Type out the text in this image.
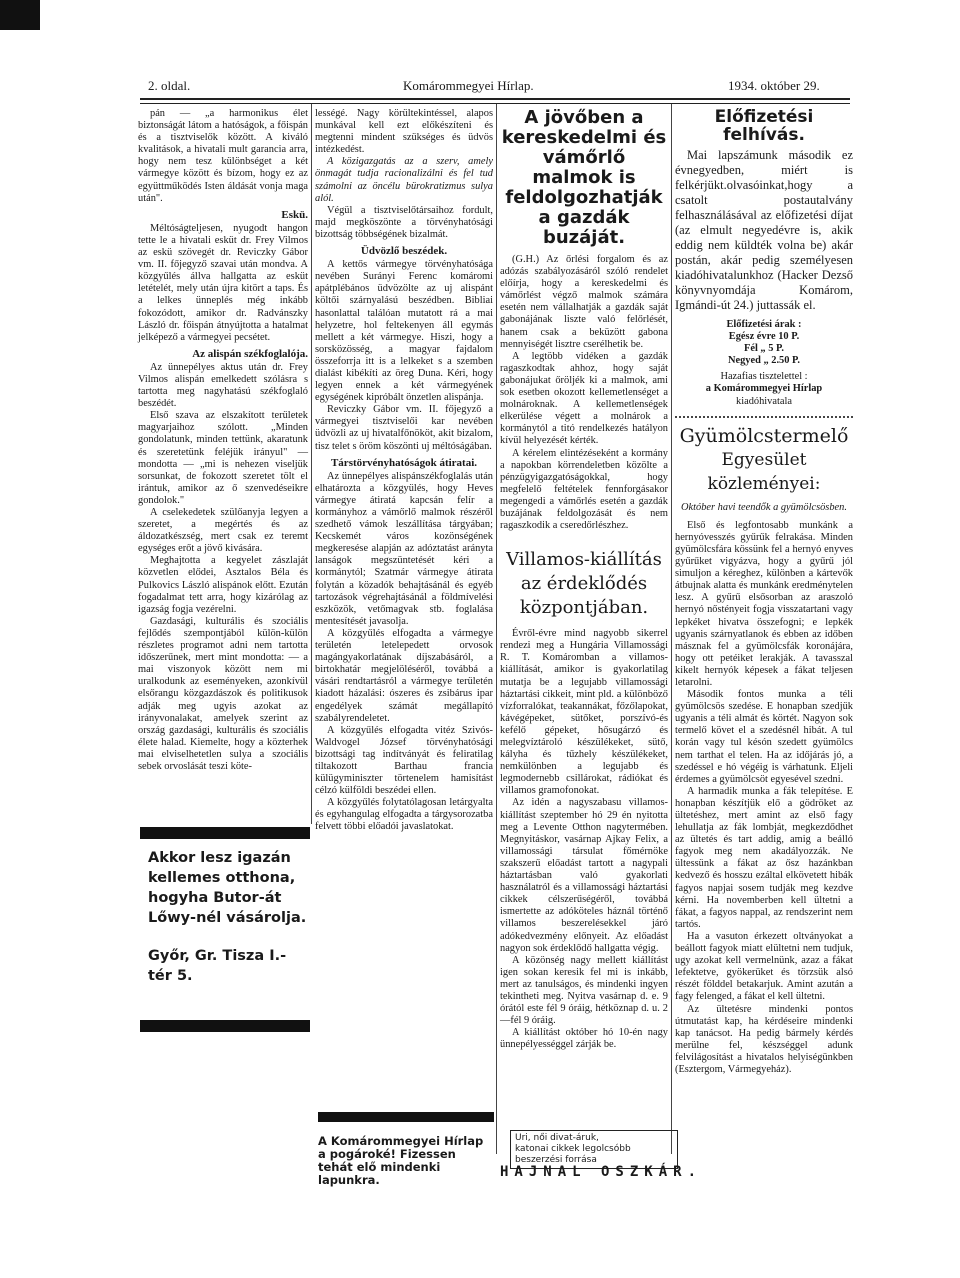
2. oldal.	Komárommegyei Hírlap.	1934. október 29.

pán — „a harmonikus élet biztonságát látom a hatóságok, a főispán és a tisztviselők között. A kiváló kvalitások, a hivatali mult garancia arra, hogy nem tesz különbséget a két vármegye között és bízom, hogy ez az együttműködés Isten áldását vonja maga után".

Eskü.

Méltóságteljesen, nyugodt hangon tette le a hivatali esküt dr. Frey Vilmos az eskü szövegét dr. Reviczky Gábor vm. II. főjegyző szavai után mondva. A közgyűlés állva hallgatta az esküt letételét, mely után újra kitört a taps. És a lelkes ünneplés még inkább fokozódott, amikor dr. Radvánszky László dr. főispán átnyújtotta a hatalmat jelképező a vármegyei pecsétet.

Az alispán székfoglalója.

Az ünnepélyes aktus után dr. Frey Vilmos alispán emelkedett szólásra s tartotta meg nagyhatású székfoglaló beszédét.

Első szava az elszakított területek magyarjaihoz szólott. „Minden gondolatunk, minden tettünk, akaratunk és szeretetünk feléjük irányul" — mondotta — „mi is nehezen viseljük sorsunkat, de fokozott szeretet tölt el irántuk, amikor az ő szenvedéseikre gondolok."

A cselekedetek szülőanyja legyen a szeretet, a megértés és az áldozatkészség, mert csak ez teremt egységes erőt a jövő kivására.

Meghajtotta a kegyelet zászlaját közvetlen elődei, Asztalos Béla és Pulkovics László alispánok előtt. Ezután fogadalmat tett arra, hogy kizárólag az igazság fogja vezérelni.

Gazdasági, kulturális és szociális fejlődés szempontjából külön-külön részletes programot adni nem tartotta időszerűnek, mert mint mondotta: — a mai viszonyok között nem mi uralkodunk az eseményeken, azonkívül elsőrangu közgazdászok és politikusok adják meg ugyis azokat az irányvonalakat, amelyek szerint az ország gazdasági, kulturális és szociális élete halad. Kiemelte, hogy a közterhek mai elviselhetetlen sulya a szociális sebek orvoslását teszi köte-

Akkor lesz igazán
kellemes otthona,
hogyha Butor-át
Lőwy-nél vásárolja.
Győr, Gr. Tisza I.-tér 5.

lességé. Nagy körültekintéssel, alapos munkával kell ezt előkészíteni és megtenni mindent szükséges és üdvös intézkedést.

A közigazgatás az a szerv, amely önmagát tudja racionalizálni és fel tud számolni az öncélu bürokratizmus sulya alól.

Végül a tisztviselőtársaihoz fordult, majd megköszönte a törvényhatósági bizottság többségének bizalmát.

Üdvözlő beszédek.

A kettős vármegye törvényhatósága nevében Surányi Ferenc komáromi apátplébános üdvözölte az uj alispánt költői szárnyalású beszédben. Bibliai hasonlattal találóan mutatott rá a mai helyzetre, hol feltekenyen áll egymás mellett a két vármegye. Hiszi, hogy a sorsközösség, a magyar fajdalom összeforrja itt is a lelkeket s a szemben dialást kibékíti az öreg Duna. Kéri, hogy legyen ennek a két vármegyének egységének kipróbált önzetlen alispánja.

Reviczky Gábor vm. II. főjegyző a vármegyei tisztviselői kar nevében üdvözli az uj hivatalfőnököt, akit bizalom, tisz telet s öröm köszönti uj méltóságában.

Társtörvényhatóságok átiratai.

Az ünnepélyes alispánszékfoglalás után elhatározta a közgyülés, hogy Heves vármegye átiratá kapcsán felír a kormányhoz a vámőrlő malmok részéről szedhető vámok leszállítása tárgyában; Kecskemét város kozönségének megkeresése alapján az adóztatást arányta lanságok megszüntetését kéri a kormánytól; Szatmár vármegye átirata folytán a közadók behajtásánál és egyéb tartozások végrehajtásánál a földmívelési eszközök, vetőmagvak stb. foglalása mentesítését javasolja.

A közgyűlés elfogadta a vármegye területén letelepedett orvosok magángyakorlatának díjszabásáról, a birtokhatár megjelöléséről, továbbá a vásári rendtartásról a vármegye területén kiadott házalási: ószeres és zsibárus ipar engedélyek számát megállapító szabályrendeletet.

A közgyűlés elfogadta vitéz Szivós-Waldvogel József törvényhatósági bizottsági tag indítványát és feliratilag tiltakozott Barthau francia külügyminiszter törtenelem hamisítást célzó külföldi beszédei ellen.

A közgyűlés folytatólagosan letárgyalta és egyhangulag elfogadta a tárgysorozatba felvett többi előadói javaslatokat.

A Komárommegyei Hírlap a pogároké! Fizessen tehát elő mindenki lapunkra.
A jövőben a kereskedelmi és vámőrlő malmok is feldolgozhatják a gazdák buzáját.

(G.H.) Az őrlési forgalom és az adózás szabályozásáról szóló rendelet előírja, hogy a kereskedelmi és vámőrlést végző malmok számára esetén nem vállalhatják a gazdák saját gabonájának liszte való felőrlését, hanem csak a beküzött gabona mennyiségét lisztre cserélhetik be.

A legtöbb vidéken a gazdák ragaszkodtak ahhoz, hogy saját gabonájukat őröljék ki a malmok, ami sok esetben okozott kellemetlenséget a molnároknak. A kellemetlenségek elkerülése végett a molnárok a kormánytól a titó rendelkezés hatályon kívül helyezését kérték.

A kérelem elintézéseként a kormány a napokban körrendeletben közölte a pénzügyigazgatóságokkal, hogy megfelelő feltételek fennforgásakor megengedi a vámőrlés esetén a gazdák buzájának feldolgozását és nem ragaszkodik a cseredőrlészhez.

Villamos-kiállítás az érdeklődés központjában.

Évről-évre mind nagyobb sikerrel rendezi meg a Hungária Villamossági R. T. Komáromban a villamos-kiállítását, amikor is gyakorlatilag mutatja be a legujabb villamossági háztartási cikkeit, mint pld. a különböző vízforralókat, teakannákat, főzőlapokat, kávégépeket, sütőket, porszívó-és kefélő gépeket, hősugárzó és melegvíztároló készülékeket, sütő, kályha és tűzhely készülékeket, nemkülönben a legujabb és legmodernebb csillárokat, rádiókat és villamos gramofonokat.

Az idén a nagyszabasu villamos-kiállítást szeptember hó 29 én nyitotta meg a Levente Otthon nagytermében. Megnyitáskor, vasárnap Ajkay Felix, a villamossági társulat főmérnöke szakszerű előadást tartott a nagypali háztartásban való gyakorlati használatról és a villamossági háztartási cikkek célszerűségéről, továbbá ismertette az adóköteles háznál történő villamos beszerelésekkel járó adókedvezmény előnyeit. Az előadást nagyon sok érdeklődő hallgatta végig.

A közönség nagy mellett kiállítást igen sokan keresik fel mi is inkább, mert az tanulságos, és mindenki ingyen tekintheti meg. Nyitva vasárnap d. e. 9 órától este fél 9 óráig, hétköznap d. u. 2—fél 9 óráig.

A kiállítást október hó 10-én nagy ünnepélyességgel zárják be.

Uri, női divat-áruk,
katonai cikkek legolcsóbb
beszerzési forrása
HAJNAL OSZKÁR.
Előfizetési felhívás.

Mai lapszámunk második ez évnegyedben, miért is felkérjükt.olvasóinkat,hogy a csatolt postautalvány felhasználásával az előfizetési díjat (az elmult negyedévre is, akik eddig nem küldték volna be) akár postán, akár pedig személyesen kiadóhivatalunkhoz (Hacker Dezső könyvnyomdája Komárom, Igmándi-út 24.) juttassák el.

Előfizetési árak :
Egész évre 10 P.
Fél „ 5 P.
Negyed „ 2.50 P.
Hazafias tisztelettel :
a Komárommegyei Hírlap
kiadóhivatala
Gyümölcstermelő
Egyesület közleményei:
Október havi teendők a gyümölcsösben.

Első és legfontosabb munkánk a hernyóvesszés gyűrűk felrakása. Minden gyümölcsfára kössünk fel a hernyó enyves gyűrűket vigyázva, hogy a gyűrű jól simuljon a kéreghez, különben a kártevők átbujnak alatta és munkánk eredménytelen lesz. A gyűrű elsősorban az araszoló hernyó nőstényeit fogja visszatartani vagy lepkéket hivatva összefogni; e lepkék ugyanis szárnyatlanok és ebben az időben másznak fel a gyümölcsfák koronájára, hogy ott petéiket lerakják. A tavasszal kikelt hernyók képesek a fákat teljesen letarolni.

Második fontos munka a téli gyümölcsös szedése. E honapban szedjük ugyanis a téli almát és körtét. Nagyon sok termelő követ el a szedésnél hibát. A tul korán vagy tul késón szedett gyümölcs nem tarthat el telen. Ha az időjárás jó, a szedéssel e hó végéig is várhatunk. Eljeli érdemes a gyümölcsöt egyesével szedni.

A harmadik munka a fák telepítése. E honapban készítjük elő a gödröket az ültetéshez, mert amint az első fagy lehullatja az fák lombját, megkezdődhet az ültetés és tart addig, amig a beálló fagyok meg nem akadályozzák. Ne ültessünk a fákat az ősz hazánkban kedvező és hosszu ezáltal elkövetett hibák fagyos napjai sosem tudják meg kezdve kérni. Ha novemberben kell ültetni a fákat, a fagyos nappal, az rendszerint nem tartós.

Ha a vasuton érkezett oltványokat a beállott fagyok miatt elültetni nem tudjuk, ugy azokat kell vermelnünk, azaz a fákat lefektetve, gyökerüket és törzsük alsó részét földdel betakarjuk. Amint azután a fagy felenged, a fákat el kell ültetni.

Az ültetésre mindenki pontos útmutatást kap, ha kérdéseire mindenki kap tanácsot. Ha pedig bármely kérdés merülne fel, készséggel adunk felvilágosítást a hivatalos helyiségünkben (Esztergom, Vármegyeház).
